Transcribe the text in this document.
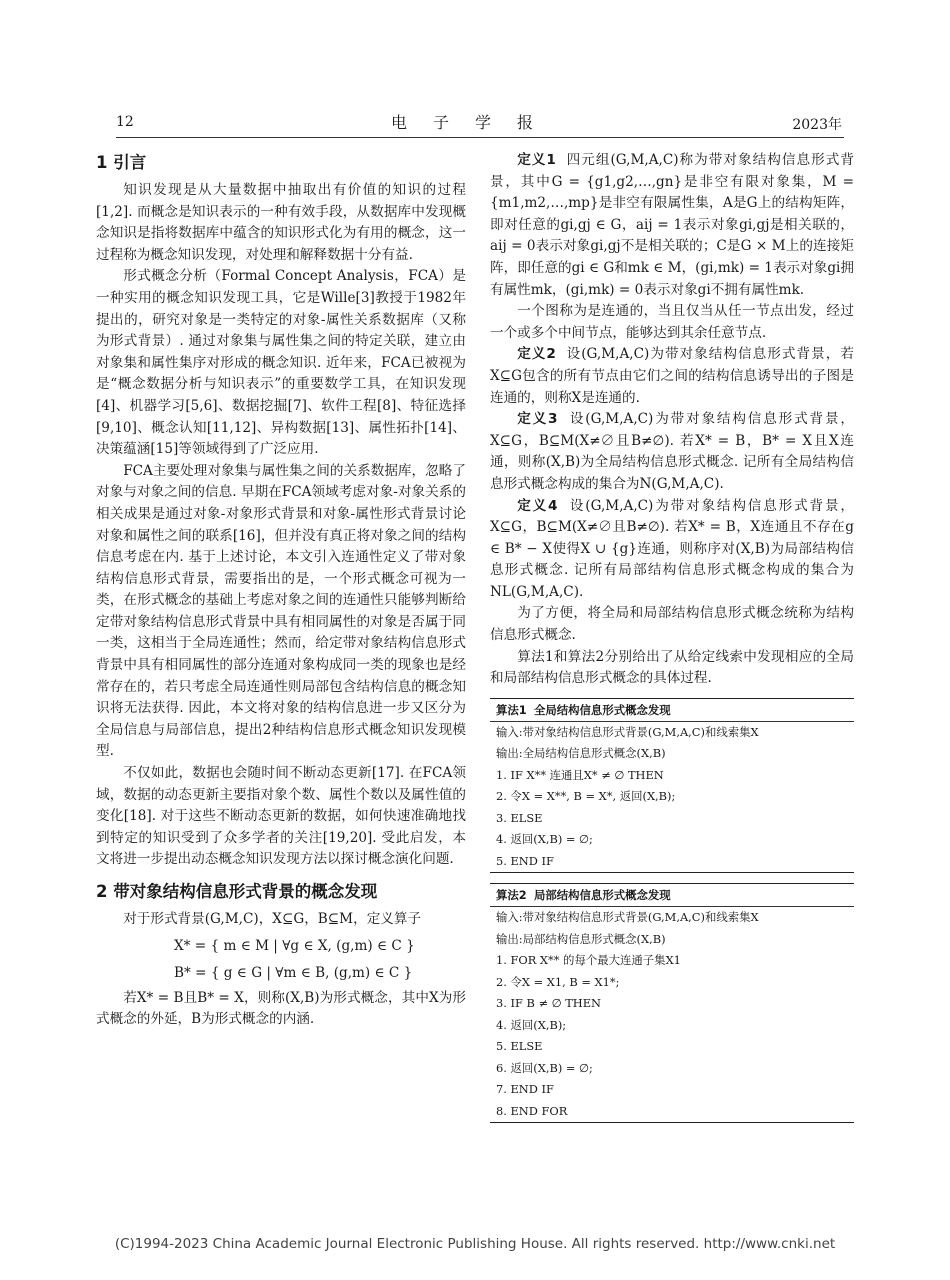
12	电子学报	2023年
1 引言

知识发现是从大量数据中抽取出有价值的知识的过程[1,2]. 而概念是知识表示的一种有效手段，从数据库中发现概念知识是指将数据库中蕴含的知识形式化为有用的概念，这一过程称为概念知识发现，对处理和解释数据十分有益.

形式概念分析（Formal Concept Analysis，FCA）是一种实用的概念知识发现工具，它是Wille[3]教授于1982年提出的，研究对象是一类特定的对象-属性关系数据库（又称为形式背景）. 通过对象集与属性集之间的特定关联，建立由对象集和属性集序对形成的概念知识. 近年来，FCA已被视为是“概念数据分析与知识表示”的重要数学工具，在知识发现[4]、机器学习[5,6]、数据挖掘[7]、软件工程[8]、特征选择[9,10]、概念认知[11,12]、异构数据[13]、属性拓扑[14]、决策蕴涵[15]等领域得到了广泛应用.

FCA主要处理对象集与属性集之间的关系数据库，忽略了对象与对象之间的信息. 早期在FCA领域考虑对象-对象关系的相关成果是通过对象-对象形式背景和对象-属性形式背景讨论对象和属性之间的联系[16]，但并没有真正将对象之间的结构信息考虑在内. 基于上述讨论，本文引入连通性定义了带对象结构信息形式背景，需要指出的是，一个形式概念可视为一类，在形式概念的基础上考虑对象之间的连通性只能够判断给定带对象结构信息形式背景中具有相同属性的对象是否属于同一类，这相当于全局连通性；然而，给定带对象结构信息形式背景中具有相同属性的部分连通对象构成同一类的现象也是经常存在的，若只考虑全局连通性则局部包含结构信息的概念知识将无法获得. 因此，本文将对象的结构信息进一步又区分为全局信息与局部信息，提出2种结构信息形式概念知识发现模型.

不仅如此，数据也会随时间不断动态更新[17]. 在FCA领域，数据的动态更新主要指对象个数、属性个数以及属性值的变化[18]. 对于这些不断动态更新的数据，如何快速准确地找到特定的知识受到了众多学者的关注[19,20]. 受此启发，本文将进一步提出动态概念知识发现方法以探讨概念演化问题.

2 带对象结构信息形式背景的概念发现

对于形式背景(G,M,C)，X⊆G，B⊆M，定义算子

X* = { m ∈ M | ∀g ∈ X, (g,m) ∈ C }
B* = { g ∈ G | ∀m ∈ B, (g,m) ∈ C }

若X* = B且B* = X，则称(X,B)为形式概念，其中X为形式概念的外延，B为形式概念的内涵.

定义1 四元组(G,M,A,C)称为带对象结构信息形式背景，其中G = {g1,g2,…,gn}是非空有限对象集，M = {m1,m2,…,mp}是非空有限属性集，A是G上的结构矩阵，即对任意的gi,gj ∈ G，aij = 1表示对象gi,gj是相关联的，aij = 0表示对象gi,gj不是相关联的；C是G × M上的连接矩阵，即任意的gi ∈ G和mk ∈ M，(gi,mk) = 1表示对象gi拥有属性mk，(gi,mk) = 0表示对象gi不拥有属性mk.

一个图称为是连通的，当且仅当从任一节点出发，经过一个或多个中间节点，能够达到其余任意节点.

定义2 设(G,M,A,C)为带对象结构信息形式背景，若X⊆G包含的所有节点由它们之间的结构信息诱导出的子图是连通的，则称X是连通的.

定义3 设(G,M,A,C)为带对象结构信息形式背景，X⊆G，B⊆M(X≠∅且B≠∅). 若X* = B，B* = X且X连通，则称(X,B)为全局结构信息形式概念. 记所有全局结构信息形式概念构成的集合为N(G,M,A,C).

定义4 设(G,M,A,C)为带对象结构信息形式背景，X⊆G，B⊆M(X≠∅且B≠∅). 若X* = B，X连通且不存在g ∈ B* − X使得X ∪ {g}连通，则称序对(X,B)为局部结构信息形式概念. 记所有局部结构信息形式概念构成的集合为NL(G,M,A,C).

为了方便，将全局和局部结构信息形式概念统称为结构信息形式概念.

算法1和算法2分别给出了从给定线索中发现相应的全局和局部结构信息形式概念的具体过程.

算法1 全局结构信息形式概念发现
输入:带对象结构信息形式背景(G,M,A,C)和线索集X
输出:全局结构信息形式概念(X,B)
1. IF X** 连通且X* ≠ ∅ THEN
2. 令X = X**, B = X*, 返回(X,B);
3. ELSE
4. 返回(X,B) = ∅;
5. END IF
算法2 局部结构信息形式概念发现
输入:带对象结构信息形式背景(G,M,A,C)和线索集X
输出:局部结构信息形式概念(X,B)
1. FOR X** 的每个最大连通子集X1
2. 令X = X1, B = X1*;
3. IF B ≠ ∅ THEN
4. 返回(X,B);
5. ELSE
6. 返回(X,B) = ∅;
7. END IF
8. END FOR
(C)1994-2023 China Academic Journal Electronic Publishing House. All rights reserved. http://www.cnki.net
